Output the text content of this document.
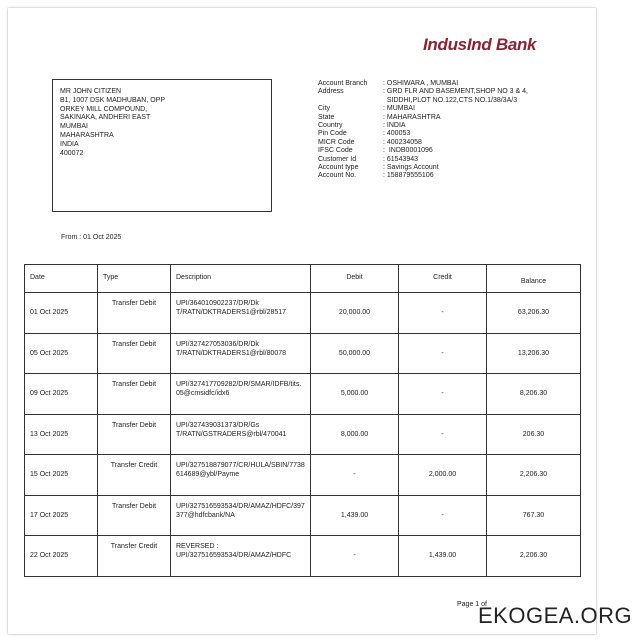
IndusInd Bank
MR JOHN CITIZEN
B1, 1007 DSK MADHUBAN, OPP
ORKEY MILL COMPOUND,
SAKINAKA, ANDHERI EAST
MUMBAI
MAHARASHTRA
INDIA
400072
Account Branch	: OSHIWARA , MUMBAI
Address	: GRD FLR AND BASEMENT,SHOP NO 3 & 4,
SIDDHI,PLOT NO.122,CTS NO.1/38/3A/3
City	: MUMBAI
State	: MAHARASHTRA
Country	: INDIA
Pin Code	: 400053
MICR Code	: 400234058
IFSC Code	:  INDB0001096
Customer Id	: 61543943
Account type	: Savings Account
Account No.	: 158879555106
From : 01 Oct 2025
Date	Type	Description	Debit	Credit	Balance
01 Oct 2025	Transfer Debit	UPI/364010902237/DR/Dk
T/RATN/DKTRADERS1@rbl/28517	20,000.00	-	63,206.30
05 Oct 2025	Transfer Debit	UPI/327427053036/DR/Dk
T/RATN/DKTRADERS1@rbl/80078	50,000.00	-	13,206.30
09 Oct 2025	Transfer Debit	UPI/327417709282/DR/SMAR/IDFB/tits.
05@cmsidfc/idx6	5,000.00	-	8,206.30
13 Oct 2025	Transfer Debit	UPI/327439031373/DR/Gs
T/RATN/GSTRADERS@rbl/470041	8,000.00	-	206.30
15 Oct 2025	Transfer Credit	UPI/327518879077/CR/HULA/SBIN/7738
614689@ybl/Payme	-	2,000.00	2,206.30
17 Oct 2025	Transfer Debit	UPI/327516593534/DR/AMAZ/HDFC/397
377@hdfcbank/NA	1,439.00	-	767.30
22 Oct 2025	Transfer Credit	REVERSED :
UPI/327516593534/DR/AMAZ/HDFC	-	1,439.00	2,206.30
Page 1 of
EKOGEA.ORG
